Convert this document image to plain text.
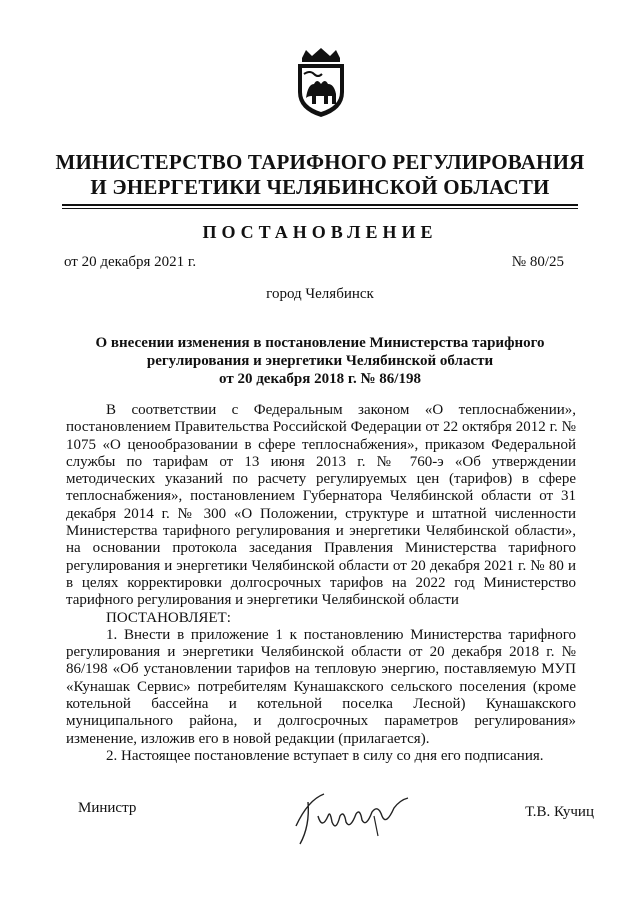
МИНИСТЕРСТВО ТАРИФНОГО РЕГУЛИРОВАНИЯ
И ЭНЕРГЕТИКИ ЧЕЛЯБИНСКОЙ ОБЛАСТИ
ПОСТАНОВЛЕНИЕ
от 20 декабря 2021 г.	№ 80/25
город Челябинск
О внесении изменения в постановление Министерства тарифного
регулирования и энергетики Челябинской области
от 20 декабря 2018 г. № 86/198

В соответствии с Федеральным законом «О теплоснабжении», постановлением Правительства Российской Федерации от 22 октября 2012 г. № 1075 «О ценообразовании в сфере теплоснабжения», приказом Федеральной службы по тарифам от 13 июня 2013 г. № 760-э «Об утверждении методических указаний по расчету регулируемых цен (тарифов) в сфере теплоснабжения», постановлением Губернатора Челябинской области от 31 декабря 2014 г. № 300 «О Положении, структуре и штатной численности Министерства тарифного регулирования и энергетики Челябинской области», на основании протокола заседания Правления Министерства тарифного регулирования и энергетики Челябинской области от 20 декабря 2021 г. № 80 и в целях корректировки долгосрочных тарифов на 2022 год Министерство тарифного регулирования и энергетики Челябинской области

ПОСТАНОВЛЯЕТ:

1. Внести в приложение 1 к постановлению Министерства тарифного регулирования и энергетики Челябинской области от 20 декабря 2018 г. № 86/198 «Об установлении тарифов на тепловую энергию, поставляемую МУП «Кунашак Сервис» потребителям Кунашакского сельского поселения (кроме котельной бассейна и котельной поселка Лесной) Кунашакского муниципального района, и долгосрочных параметров регулирования» изменение, изложив его в новой редакции (прилагается).

2. Настоящее постановление вступает в силу со дня его подписания.

Министр	Т.В. Кучиц
